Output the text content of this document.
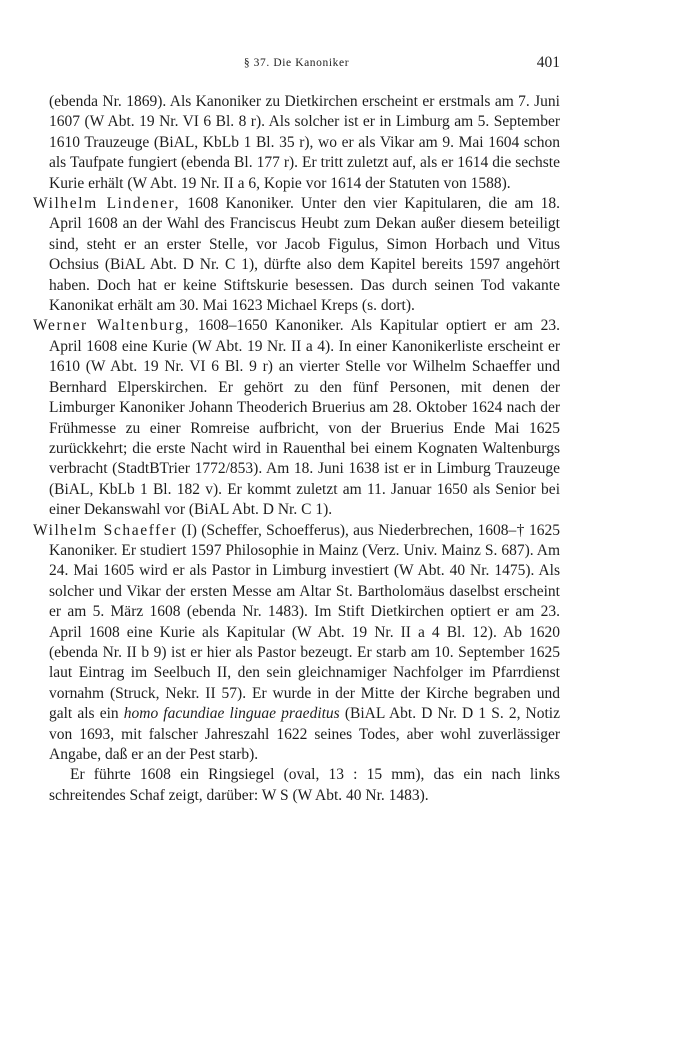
§ 37. Die Kanoniker	401

(ebenda Nr. 1869). Als Kanoniker zu Dietkirchen erscheint er erstmals am 7. Juni 1607 (W Abt. 19 Nr. VI 6 Bl. 8 r). Als solcher ist er in Limburg am 5. September 1610 Trauzeuge (BiAL, KbLb 1 Bl. 35 r), wo er als Vikar am 9. Mai 1604 schon als Taufpate fungiert (ebenda Bl. 177 r). Er tritt zuletzt auf, als er 1614 die sechste Kurie erhält (W Abt. 19 Nr. II a 6, Kopie vor 1614 der Statuten von 1588).

Wilhelm Lindener, 1608 Kanoniker. Unter den vier Kapitularen, die am 18. April 1608 an der Wahl des Franciscus Heubt zum Dekan außer diesem beteiligt sind, steht er an erster Stelle, vor Jacob Figulus, Simon Horbach und Vitus Ochsius (BiAL Abt. D Nr. C 1), dürfte also dem Kapitel bereits 1597 angehört haben. Doch hat er keine Stiftskurie besessen. Das durch seinen Tod vakante Kanonikat erhält am 30. Mai 1623 Michael Kreps (s. dort).

Werner Waltenburg, 1608–1650 Kanoniker. Als Kapitular optiert er am 23. April 1608 eine Kurie (W Abt. 19 Nr. II a 4). In einer Kanonikerliste erscheint er 1610 (W Abt. 19 Nr. VI 6 Bl. 9 r) an vierter Stelle vor Wilhelm Schaeffer und Bernhard Elperskirchen. Er gehört zu den fünf Personen, mit denen der Limburger Kanoniker Johann Theoderich Bruerius am 28. Oktober 1624 nach der Frühmesse zu einer Romreise aufbricht, von der Bruerius Ende Mai 1625 zurückkehrt; die erste Nacht wird in Rauenthal bei einem Kognaten Waltenburgs verbracht (StadtBTrier 1772/853). Am 18. Juni 1638 ist er in Limburg Trauzeuge (BiAL, KbLb 1 Bl. 182 v). Er kommt zuletzt am 11. Januar 1650 als Senior bei einer Dekanswahl vor (BiAL Abt. D Nr. C 1).

Wilhelm Schaeffer (I) (Scheffer, Schoefferus), aus Niederbrechen, 1608–† 1625 Kanoniker. Er studiert 1597 Philosophie in Mainz (Verz. Univ. Mainz S. 687). Am 24. Mai 1605 wird er als Pastor in Limburg investiert (W Abt. 40 Nr. 1475). Als solcher und Vikar der ersten Messe am Altar St. Bartholomäus daselbst erscheint er am 5. März 1608 (ebenda Nr. 1483). Im Stift Dietkirchen optiert er am 23. April 1608 eine Kurie als Kapitular (W Abt. 19 Nr. II a 4 Bl. 12). Ab 1620 (ebenda Nr. II b 9) ist er hier als Pastor bezeugt. Er starb am 10. September 1625 laut Eintrag im Seelbuch II, den sein gleichnamiger Nachfolger im Pfarrdienst vornahm (Struck, Nekr. II 57). Er wurde in der Mitte der Kirche begraben und galt als ein homo facundiae linguae praeditus (BiAL Abt. D Nr. D 1 S. 2, Notiz von 1693, mit falscher Jahreszahl 1622 seines Todes, aber wohl zuverlässiger Angabe, daß er an der Pest starb).

Er führte 1608 ein Ringsiegel (oval, 13 : 15 mm), das ein nach links schreitendes Schaf zeigt, darüber: W S (W Abt. 40 Nr. 1483).
